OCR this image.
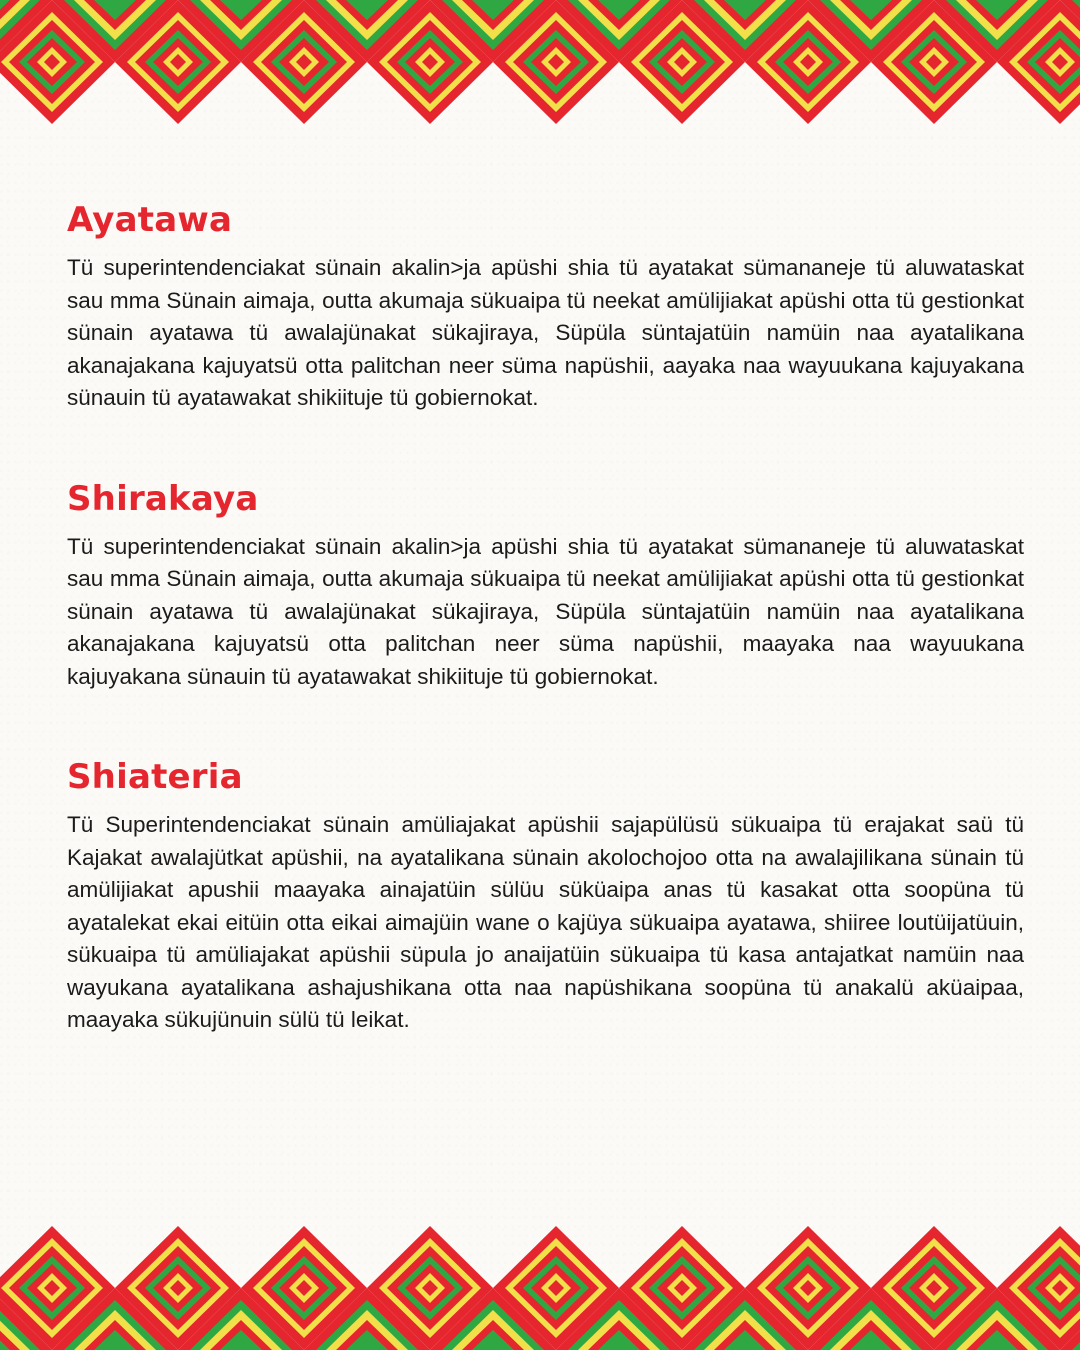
Ayatawa

Tü superintendenciakat sünain akalin>ja apüshi shia tü ayatakat sümananeje tü aluwataskat sau mma Sünain aimaja, outta akumaja sükuaipa tü neekat amülijiakat apüshi otta tü gestionkat sünain ayatawa tü awalajünakat sükajiraya, Süpüla süntajatüin namüin naa ayatalikana akanajakana kajuyatsü otta palitchan neer süma napüshii, aayaka naa wayuukana kajuyakana sünauin tü ayatawakat shikiituje tü gobiernokat.

Shirakaya

Tü superintendenciakat sünain akalin>ja apüshi shia tü ayatakat sümananeje tü aluwataskat sau mma Sünain aimaja, outta akumaja sükuaipa tü neekat amülijiakat apüshi otta tü gestionkat sünain ayatawa tü awalajünakat sükajiraya, Süpüla süntajatüin namüin naa ayatalikana akanajakana kajuyatsü otta palitchan neer süma napüshii, maayaka naa wayuukana kajuyakana sünauin tü ayatawakat shikiituje tü gobiernokat.

Shiateria

Tü Superintendenciakat sünain amüliajakat apüshii sajapülüsü sükuaipa tü erajakat saü tü Kajakat awalajütkat apüshii, na ayatalikana sünain akolochojoo otta na awalajilikana sünain tü amülijiakat apushii maayaka ainajatüin sülüu süküaipa anas tü kasakat otta soopüna tü ayatalekat ekai eitüin otta eikai aimajüin wane o kajüya sükuaipa ayatawa, shiiree loutüijatüuin, sükuaipa tü amüliajakat apüshii süpula jo anaijatüin sükuaipa tü kasa antajatkat namüin naa wayukana ayatalikana ashajushikana otta naa napüshikana soopüna tü anakalü aküaipaa, maayaka sükujünuin sülü tü leikat.
